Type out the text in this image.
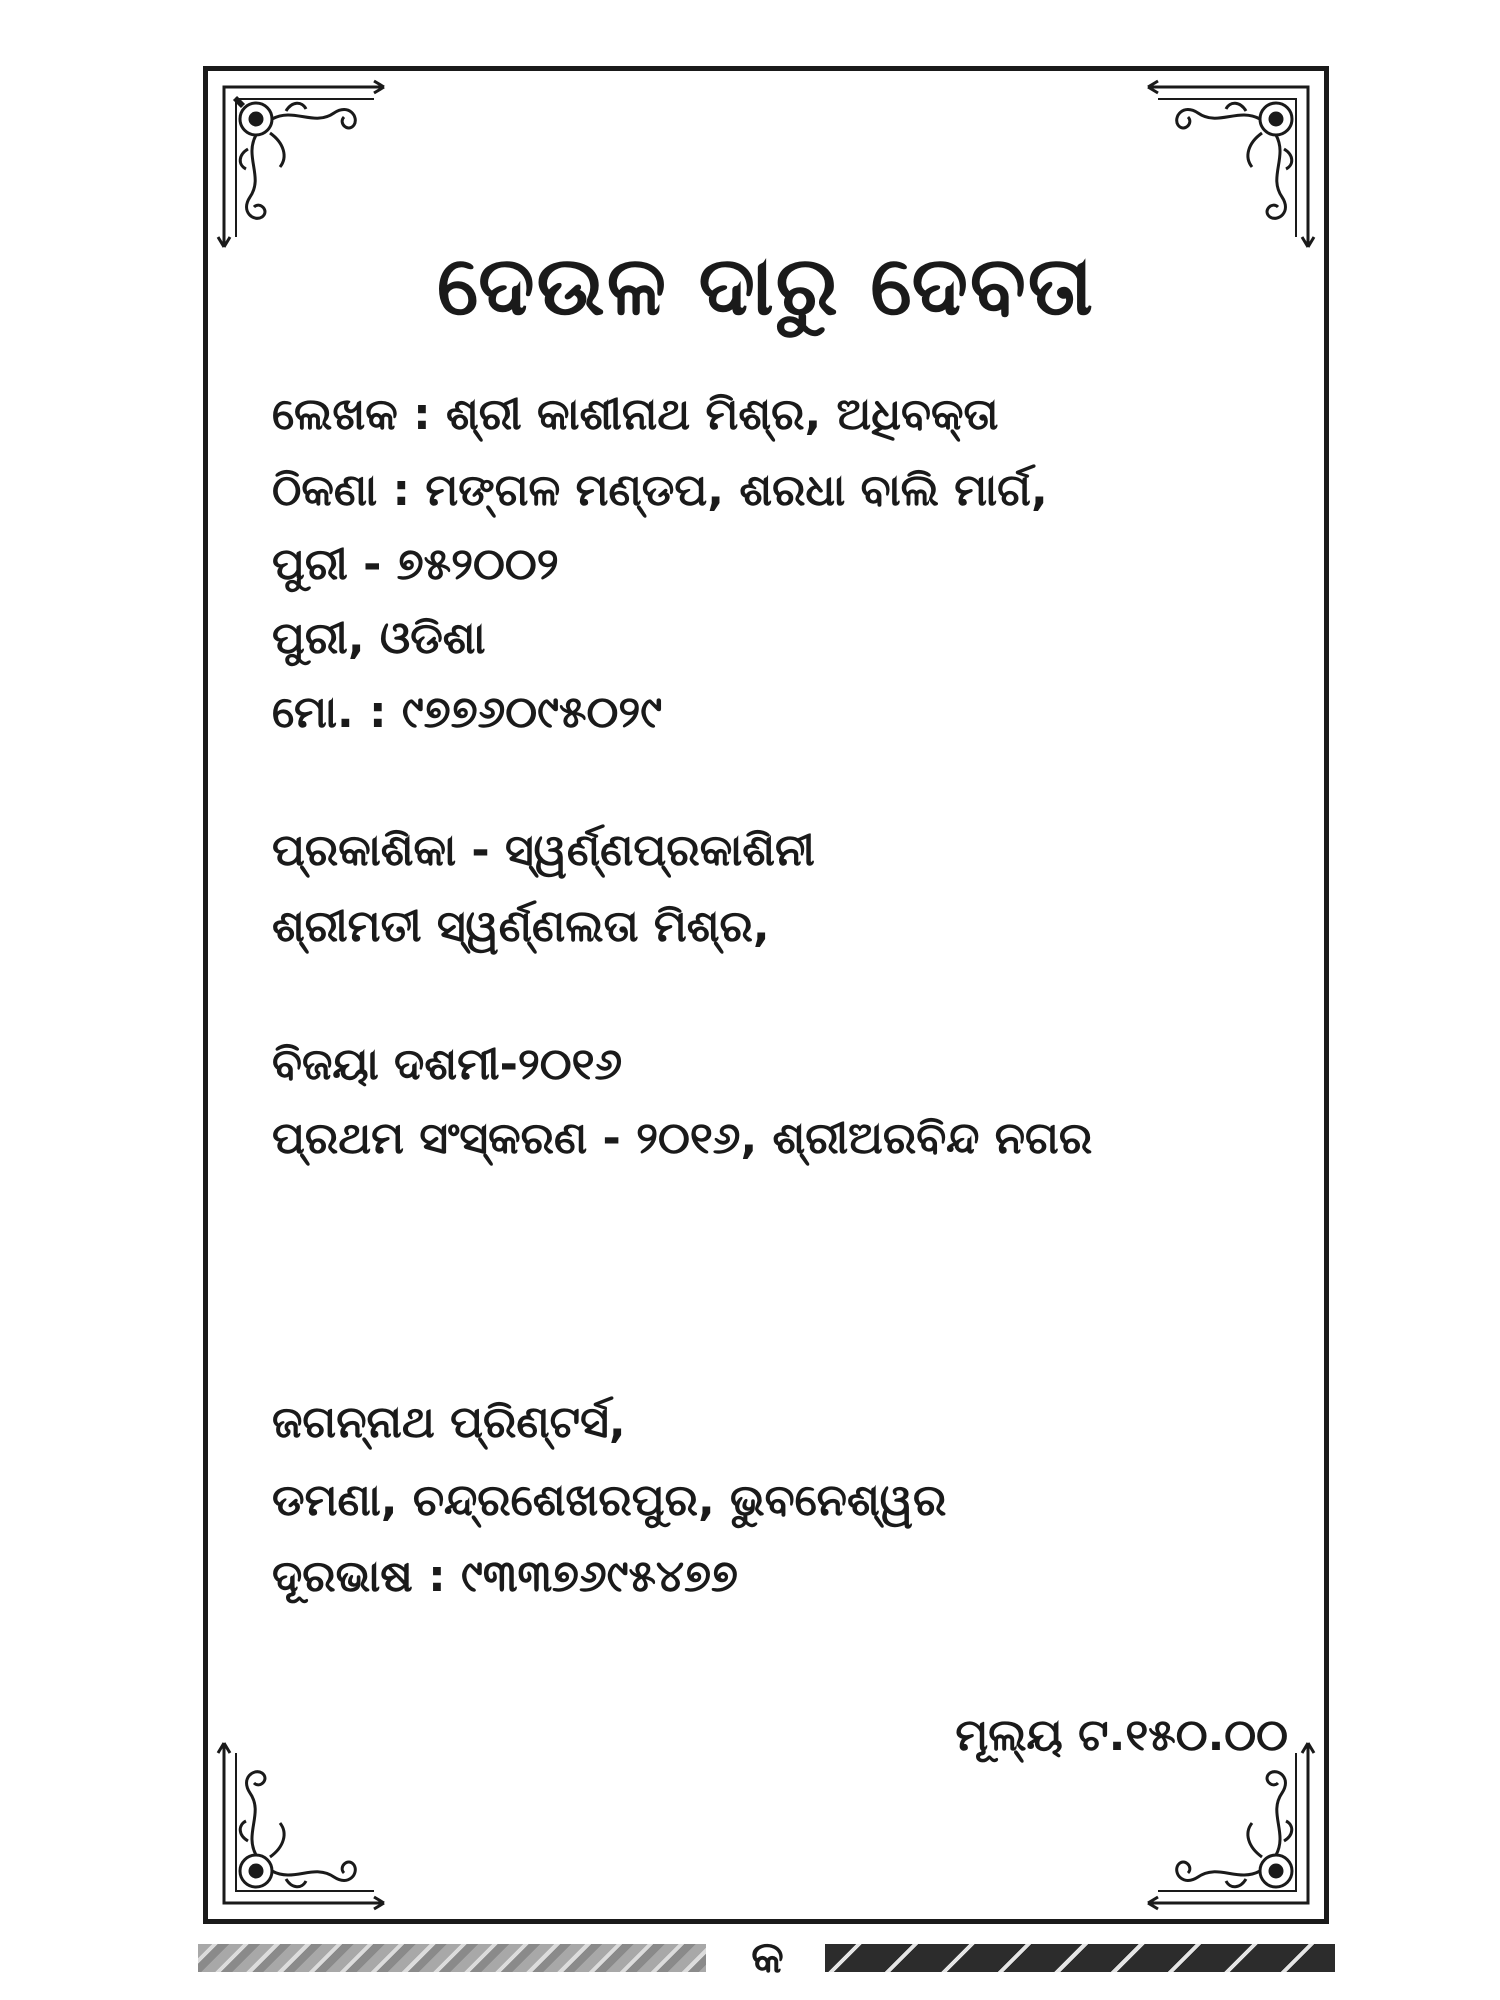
ଦେଉଳ ଦାରୁ ଦେବତା
ଲେଖକ : ଶ୍ରୀ କାଶୀନାଥ ମିଶ୍ର, ଅଧିବକ୍ତା
ଠିକଣା : ମଙ୍ଗଳ ମଣ୍ଡପ, ଶରଧା ବାଲି ମାର୍ଗ,
ପୁରୀ - ୭୫୨୦୦୨
ପୁରୀ, ଓଡିଶା
ମୋ. : ୯୭୭୬୦୯୫୦୨୯
ପ୍ରକାଶିକା - ସ୍ୱର୍ଣ୍ଣପ୍ରକାଶିନୀ
ଶ୍ରୀମତୀ ସ୍ୱର୍ଣ୍ଣଲତା ମିଶ୍ର,
ବିଜୟା ଦଶମୀ-୨୦୧୬
ପ୍ରଥମ ସଂସ୍କରଣ - ୨୦୧୬, ଶ୍ରୀଅରବିନ୍ଦ ନଗର
ଜଗନ୍ନାଥ ପ୍ରିଣ୍ଟର୍ସ,
ଡମଣା, ଚନ୍ଦ୍ରଶେଖରପୁର, ଭୁବନେଶ୍ୱର
ଦୂରଭାଷ : ୯୩୩୭୬୯୫୪୭୭
ମୂଲ୍ୟ ଟ.୧୫୦.୦୦
କ
